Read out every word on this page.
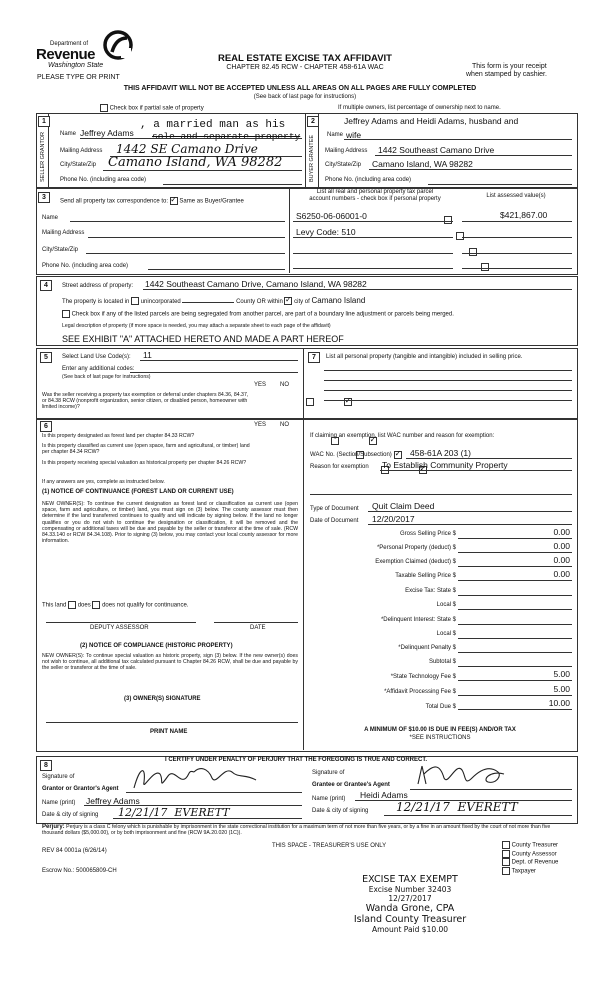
Department of
Revenue
Washington State
PLEASE TYPE OR PRINT
REAL ESTATE EXCISE TAX AFFIDAVIT
CHAPTER 82.45 RCW - CHAPTER 458-61A WAC	This form is your receipt
when stamped by cashier.
THIS AFFIDAVIT WILL NOT BE ACCEPTED UNLESS ALL AREAS ON ALL PAGES ARE FULLY COMPLETED
(See back of last page for instructions)
Check box if partial sale of property	If multiple owners, list percentage of ownership next to name.
1	2
SELLER GRANTOR	BUYER GRANTEE
Name Jeffrey Adams
, a married man as his
sole and separate property
Mailing Address 1442 SE Camano Drive
City/State/Zip Camano Island, WA 98282
Phone No. (including area code)
Jeffrey Adams and Heidi Adams, husband and
Name wife
Mailing Address 1442 Southeast Camano Drive
City/State/Zip Camano Island, WA 98282
Phone No. (including area code)
3
Send all property tax correspondence to: ✓ Same as Buyer/Grantee
Name
Mailing Address
City/State/Zip
Phone No. (including area code)
List all real and personal property tax parcel
account numbers - check box if personal property	List assessed value(s)
S6250-06-06001-0	$421,867.00
Levy Code: 510

4	Street address of property: 1442 Southeast Camano Drive, Camano Island, WA 98282
The property is located in unincorporated	County OR within ✓ city of Camano Island
Check box if any of the listed parcels are being segregated from another parcel, are part of a boundary line adjustment or parcels being merged.
Legal description of property (if more space is needed, you may attach a separate sheet to each page of the affidavit)
SEE EXHIBIT "A" ATTACHED HERETO AND MADE A PART HEREOF
5	Select Land Use Code(s): 11
Enter any additional codes:
(See back of last page for instructions)
YES NO
Was the seller receiving a property tax exemption or deferral under chapters 84.36, 84.37, or 84.38 RCW (nonprofit organization, senior citizen, or disabled person, homeowner with limited income)?
✓
7	List all personal property (tangible and intangible) included in selling price.
6	YES NO
Is this property designated as forest land per chapter 84.33 RCW?
✓
Is this property classified as current use (open space, farm and agricultural, or timber) land per chapter 84.34 RCW?
✓
Is this property receiving special valuation as historical property per chapter 84.26 RCW?
✓
If any answers are yes, complete as instructed below.
(1) NOTICE OF CONTINUANCE (FOREST LAND OR CURRENT USE)
NEW OWNER(S): To continue the current designation as forest land or classification as current use (open space, farm and agriculture, or timber) land, you must sign on (3) below. The county assessor must then determine if the land transferred continues to qualify and will indicate by signing below. If the land no longer qualifies or you do not wish to continue the designation or classification, it will be removed and the compensating or additional taxes will be due and payable by the seller or transferor at the time of sale. (RCW 84.33.140 or RCW 84.34.108). Prior to signing (3) below, you may contact your local county assessor for more information.
This land does does not qualify for continuance.
DEPUTY ASSESSOR	DATE
(2) NOTICE OF COMPLIANCE (HISTORIC PROPERTY)
NEW OWNER(S): To continue special valuation as historic property, sign (3) below. If the new owner(s) does not wish to continue, all additional tax calculated pursuant to Chapter 84.26 RCW, shall be due and payable by the seller or transferor at the time of sale.
(3) OWNER(S) SIGNATURE
PRINT NAME
If claiming an exemption, list WAC number and reason for exemption:
WAC No. (Section/Subsection) 458-61A 203 (1)
Reason for exemption To Establish Community Property
Type of Document Quit Claim Deed
Date of Document 12/20/2017
Gross Selling Price $	0.00
*Personal Property (deduct) $	0.00
Exemption Claimed (deduct) $	0.00
Taxable Selling Price $	0.00
Excise Tax: State $
Local $
*Delinquent Interest: State $
Local $
*Delinquent Penalty $
Subtotal $
*State Technology Fee $	5.00
*Affidavit Processing Fee $	5.00
Total Due $	10.00
A MINIMUM OF $10.00 IS DUE IN FEE(S) AND/OR TAX
*SEE INSTRUCTIONS
8
I CERTIFY UNDER PENALTY OF PERJURY THAT THE FOREGOING IS TRUE AND CORRECT.
Signature of
Grantor or Grantor's Agent
Name (print) Jeffrey Adams
Date & city of signing 12/21/17  EVERETT
Signature of
Grantee or Grantee's Agent
Name (print) Heidi Adams
Date & city of signing 12/21/17  EVERETT
Perjury: Perjury is a class C felony which is punishable by imprisonment in the state correctional institution for a maximum term of not more than five years, or by a fine in an amount fixed by the court of not more than five thousand dollars ($5,000.00), or by both imprisonment and fine (RCW 9A.20.020 (1C)).
REV 84 0001a (6/26/14)
THIS SPACE - TREASURER'S USE ONLY
Escrow No.: 500065809-CH
County Treasurer
County Assessor
Dept. of Revenue
Taxpayer
EXCISE TAX EXEMPT
Excise Number 32403
12/27/2017
Wanda Grone, CPA
Island County Treasurer
Amount Paid $10.00
